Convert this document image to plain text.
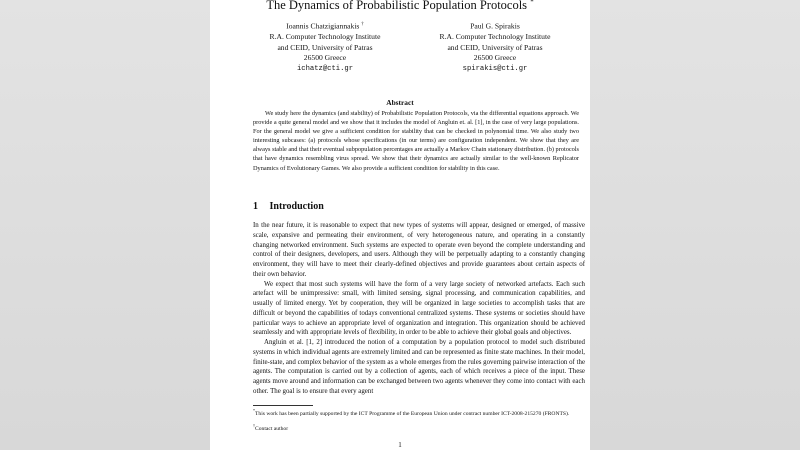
The Dynamics of Probabilistic Population Protocols *
Ioannis Chatzigiannakis †
R.A. Computer Technology Institute
and CEID, University of Patras
26500 Greece
ichatz@cti.gr
Paul G. Spirakis
R.A. Computer Technology Institute
and CEID, University of Patras
26500 Greece
spirakis@cti.gr
Abstract
We study here the dynamics (and stability) of Probabilistic Population Protocols, via the differential equations approach. We provide a quite general model and we show that it includes the model of Angluin et. al. [1], in the case of very large populations. For the general model we give a sufficient condition for stability that can be checked in polynomial time. We also study two interesting subcases: (a) protocols whose specifications (in our terms) are configuration independent. We show that they are always stable and that their eventual subpopulation percentages are actually a Markov Chain stationary distribution. (b) protocols that have dynamics resembling virus spread. We show that their dynamics are actually similar to the well-known Replicator Dynamics of Evolutionary Games. We also provide a sufficient condition for stability in this case.
1 Introduction

In the near future, it is reasonable to expect that new types of systems will appear, designed or emerged, of massive scale, expansive and permeating their environment, of very heterogeneous nature, and operating in a constantly changing networked environment. Such systems are expected to operate even beyond the complete understanding and control of their designers, developers, and users. Although they will be perpetually adapting to a constantly changing environment, they will have to meet their clearly-defined objectives and provide guarantees about certain aspects of their own behavior.

We expect that most such systems will have the form of a very large society of networked artefacts. Each such artefact will be unimpressive: small, with limited sensing, signal processing, and communication capabilities, and usually of limited energy. Yet by cooperation, they will be organized in large societies to accomplish tasks that are difficult or beyond the capabilities of todays conventional centralized systems. These systems or societies should have particular ways to achieve an appropriate level of organization and integration. This organization should be achieved seamlessly and with appropriate levels of flexibility, in order to be able to achieve their global goals and objectives.

Angluin et al. [1, 2] introduced the notion of a computation by a population protocol to model such distributed systems in which individual agents are extremely limited and can be represented as finite state machines. In their model, finite-state, and complex behavior of the system as a whole emerges from the rules governing pairwise interaction of the agents. The computation is carried out by a collection of agents, each of which receives a piece of the input. These agents move around and information can be exchanged between two agents whenever they come into contact with each other. The goal is to ensure that every agent

*This work has been partially supported by the ICT Programme of the European Union under contract number ICT-2008-215270 (FRONTS).
†Contact author
1
